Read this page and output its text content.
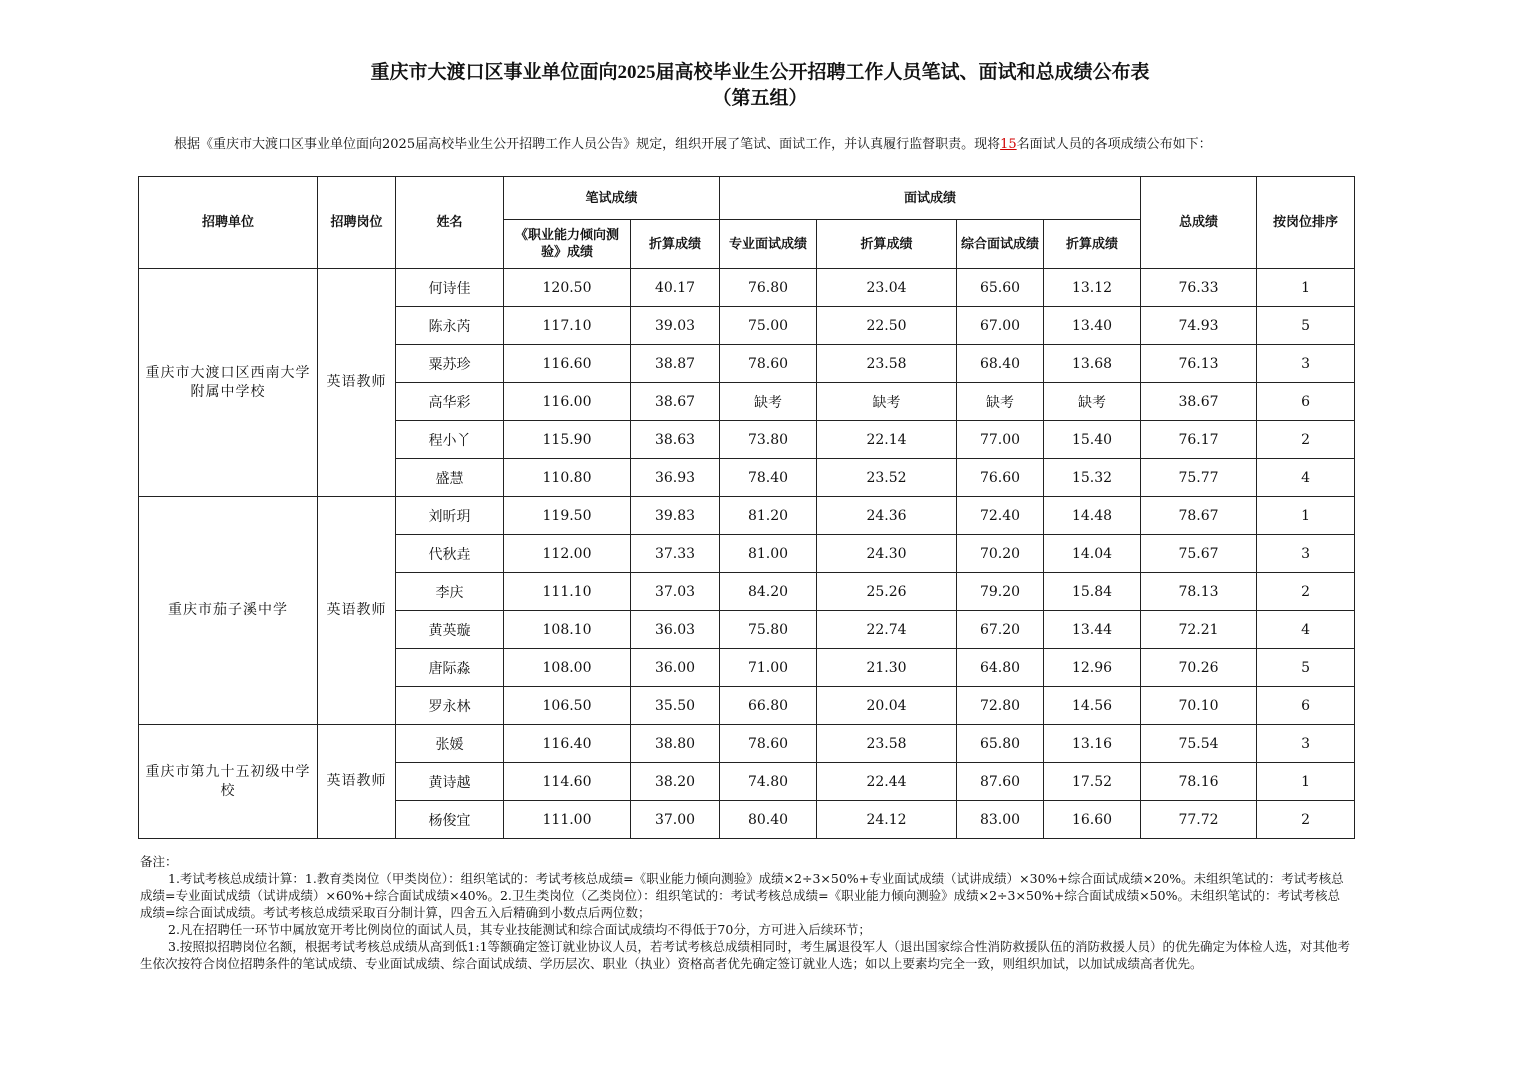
重庆市大渡口区事业单位面向2025届高校毕业生公开招聘工作人员笔试、面试和总成绩公布表
（第五组）
根据《重庆市大渡口区事业单位面向2025届高校毕业生公开招聘工作人员公告》规定，组织开展了笔试、面试工作，并认真履行监督职责。现将15名面试人员的各项成绩公布如下：
招聘单位	招聘岗位	姓名	笔试成绩		面试成绩				总成绩	按岗位排序
			《职业能力倾向测验》成绩	折算成绩	专业面试成绩	折算成绩	综合面试成绩	折算成绩		
重庆市大渡口区西南大学附属中学校	英语教师	何诗佳	120.50	40.17	76.80	23.04	65.60	13.12	76.33	1
		陈永芮	117.10	39.03	75.00	22.50	67.00	13.40	74.93	5
		粟苏珍	116.60	38.87	78.60	23.58	68.40	13.68	76.13	3
		高华彩	116.00	38.67	缺考	缺考	缺考	缺考	38.67	6
		程小丫	115.90	38.63	73.80	22.14	77.00	15.40	76.17	2
		盛慧	110.80	36.93	78.40	23.52	76.60	15.32	75.77	4
重庆市茄子溪中学	英语教师	刘昕玥	119.50	39.83	81.20	24.36	72.40	14.48	78.67	1
		代秋垚	112.00	37.33	81.00	24.30	70.20	14.04	75.67	3
		李庆	111.10	37.03	84.20	25.26	79.20	15.84	78.13	2
		黄英璇	108.10	36.03	75.80	22.74	67.20	13.44	72.21	4
		唐际淼	108.00	36.00	71.00	21.30	64.80	12.96	70.26	5
		罗永林	106.50	35.50	66.80	20.04	72.80	14.56	70.10	6
重庆市第九十五初级中学校	英语教师	张媛	116.40	38.80	78.60	23.58	65.80	13.16	75.54	3
		黄诗越	114.60	38.20	74.80	22.44	87.60	17.52	78.16	1
		杨俊宜	111.00	37.00	80.40	24.12	83.00	16.60	77.72	2

备注：

1.考试考核总成绩计算：1.教育类岗位（甲类岗位）：组织笔试的：考试考核总成绩=《职业能力倾向测验》成绩×2÷3×50%+专业面试成绩（试讲成绩）×30%+综合面试成绩×20%。未组织笔试的：考试考核总成绩=专业面试成绩（试讲成绩）×60%+综合面试成绩×40%。2.卫生类岗位（乙类岗位）：组织笔试的：考试考核总成绩=《职业能力倾向测验》成绩×2÷3×50%+综合面试成绩×50%。未组织笔试的：考试考核总成绩=综合面试成绩。考试考核总成绩采取百分制计算，四舍五入后精确到小数点后两位数；

2.凡在招聘任一环节中属放宽开考比例岗位的面试人员，其专业技能测试和综合面试成绩均不得低于70分，方可进入后续环节；

3.按照拟招聘岗位名额，根据考试考核总成绩从高到低1:1等额确定签订就业协议人员，若考试考核总成绩相同时，考生属退役军人（退出国家综合性消防救援队伍的消防救援人员）的优先确定为体检人选，对其他考生依次按符合岗位招聘条件的笔试成绩、专业面试成绩、综合面试成绩、学历层次、职业（执业）资格高者优先确定签订就业人选；如以上要素均完全一致，则组织加试，以加试成绩高者优先。
